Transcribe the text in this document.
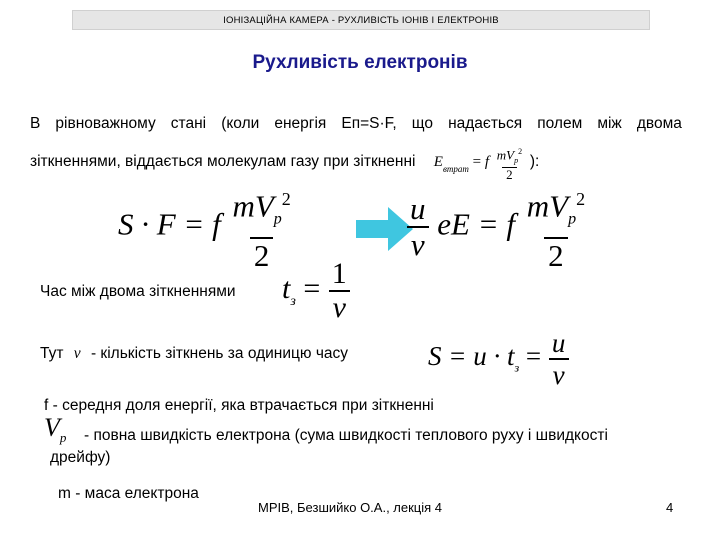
ІОНІЗАЦІЙНА КАМЕРА - РУХЛИВІСТЬ ІОНІВ І ЕЛЕКТРОНІВ
Рухливість електронів
В рівноважному стані (коли енергія Eп=S·F, що надається полем між двома
зіткненнями, віддається молекулам газу при зіткненні $E_{втрат} = f \frac{mV_p^2}{2}$ ):
S · F = f $\frac{mV_p^2}{2}$	$\frac{u}{\nu}$ eE = f $\frac{mV_p^2}{2}$
Час між двома зіткненнями $t_з = \frac{1}{\nu}$
Тут ν - кількість зіткнень за одиницю часу	$S = u \cdot t_з = \frac{u}{\nu}$
f - середня доля енергії, яка втрачається при зіткненні
$V_p$	- повна швидкість електрона (сума швидкості теплового руху і швидкості
дрейфу)
m - маса електрона
МРІВ, Безшийко О.А., лекція 4	4
